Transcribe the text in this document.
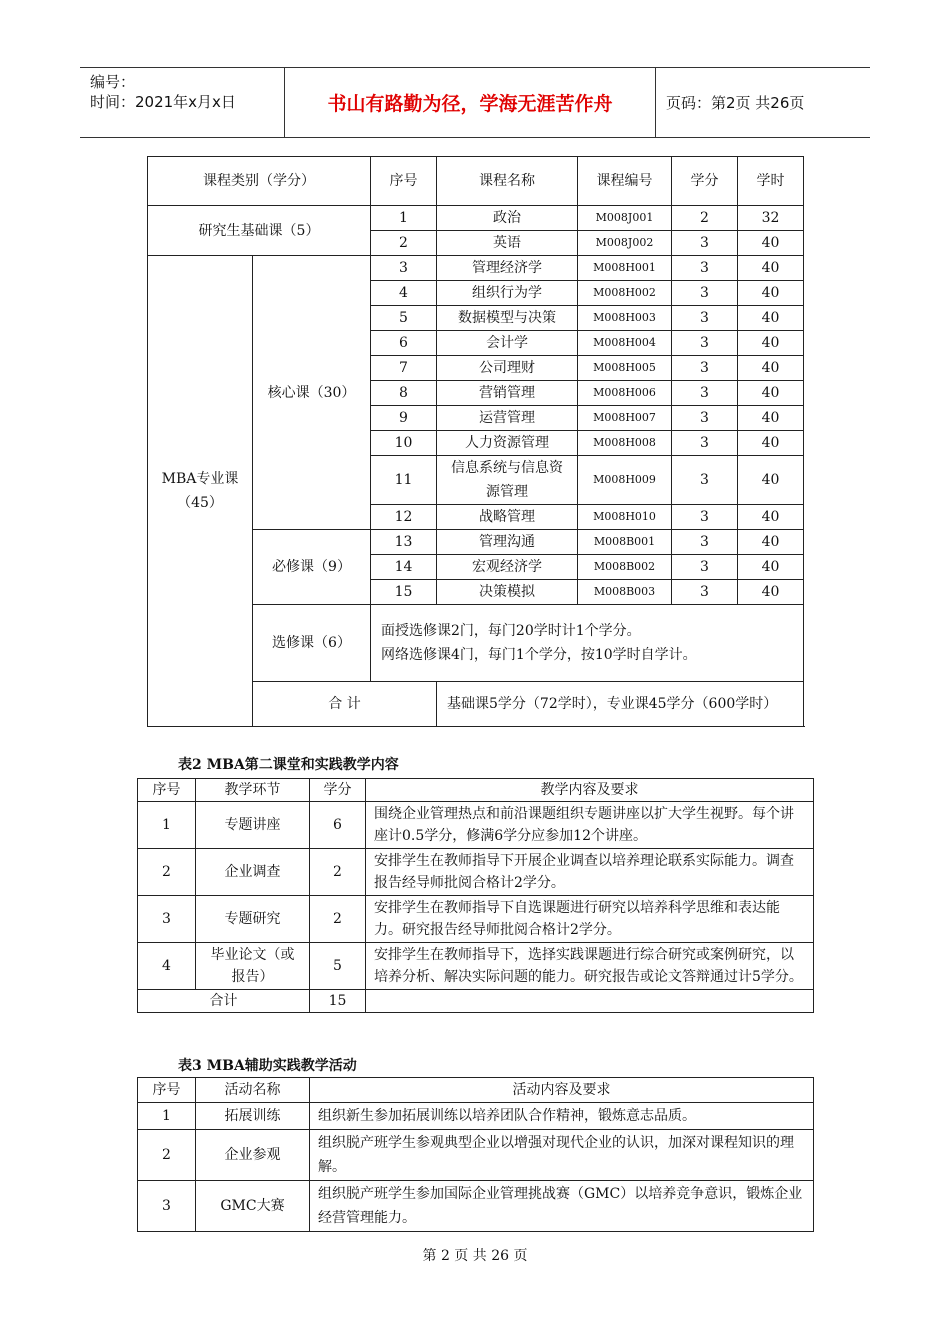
编号：
时间：2021年x月x日	书山有路勤为径，学海无涯苦作舟	页码：第2页 共26页
课程类别（学分）		序号	课程名称	课程编号	学分	学时
研究生基础课（5）		1	政治	M008J001	2	32
		2	英语	M008J002	3	40
MBA专业课（45）	核心课（30）	3	管理经济学	M008H001	3	40
		4	组织行为学	M008H002	3	40
		5	数据模型与决策	M008H003	3	40
		6	会计学	M008H004	3	40
		7	公司理财	M008H005	3	40
		8	营销管理	M008H006	3	40
		9	运营管理	M008H007	3	40
		10	人力资源管理	M008H008	3	40
		11	信息系统与信息资源管理	M008H009	3	40
		12	战略管理	M008H010	3	40
	必修课（9）	13	管理沟通	M008B001	3	40
		14	宏观经济学	M008B002	3	40
		15	决策模拟	M008B003	3	40
	选修课（6）	面授选修课2门，每门20学时计1个学分。
网络选修课4门，每门1个学分，按10学时自学计。				

	合 计		基础课5学分（72学时），专业课45学分（600学时）			
表2 MBA第二课堂和实践教学内容
序号	教学环节	学分	教学内容及要求
1	专题讲座	6	围绕企业管理热点和前沿课题组织专题讲座以扩大学生视野。每个讲座计0.5学分，修满6学分应参加12个讲座。
2	企业调查	2	安排学生在教师指导下开展企业调查以培养理论联系实际能力。调查报告经导师批阅合格计2学分。
3	专题研究	2	安排学生在教师指导下自选课题进行研究以培养科学思维和表达能力。研究报告经导师批阅合格计2学分。
4	毕业论文（或报告）	5	安排学生在教师指导下，选择实践课题进行综合研究或案例研究，以培养分析、解决实际问题的能力。研究报告或论文答辩通过计5学分。
合计		15	
表3 MBA辅助实践教学活动
序号	活动名称	活动内容及要求
1	拓展训练	组织新生参加拓展训练以培养团队合作精神，锻炼意志品质。
2	企业参观	组织脱产班学生参观典型企业以增强对现代企业的认识，加深对课程知识的理解。
3	GMC大赛	组织脱产班学生参加国际企业管理挑战赛（GMC）以培养竞争意识，锻炼企业经营管理能力。
第 2 页 共 26 页
